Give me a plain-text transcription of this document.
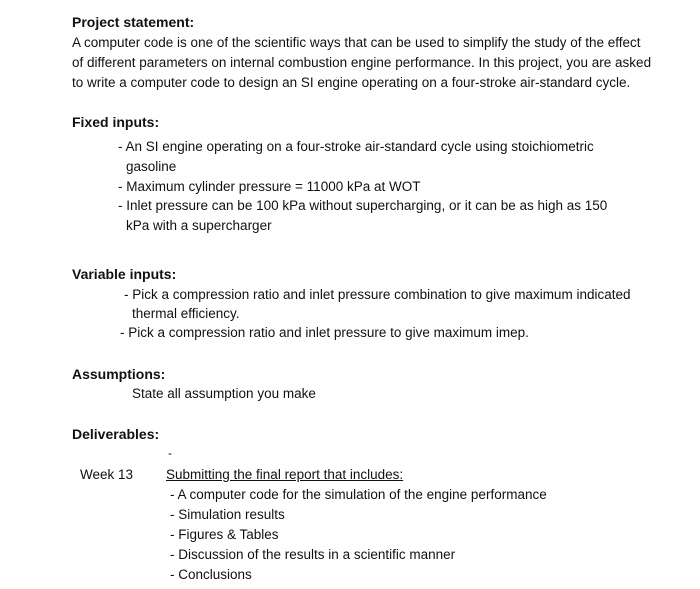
Project statement:
A computer code is one of the scientific ways that can be used to simplify the study of the effect
of different parameters on internal combustion engine performance. In this project, you are asked
to write a computer code to design an SI engine operating on a four-stroke air-standard cycle.
Fixed inputs:
- An SI engine operating on a four-stroke air-standard cycle using stoichiometric
gasoline
- Maximum cylinder pressure = 11000 kPa at WOT
- Inlet pressure can be 100 kPa without supercharging, or it can be as high as 150
kPa with a supercharger
Variable inputs:
- Pick a compression ratio and inlet pressure combination to give maximum indicated
thermal efficiency.
- Pick a compression ratio and inlet pressure to give maximum imep.
Assumptions:
State all assumption you make
Deliverables:
-
Week 13 Submitting the final report that includes:
- A computer code for the simulation of the engine performance
- Simulation results
- Figures & Tables
- Discussion of the results in a scientific manner
- Conclusions
